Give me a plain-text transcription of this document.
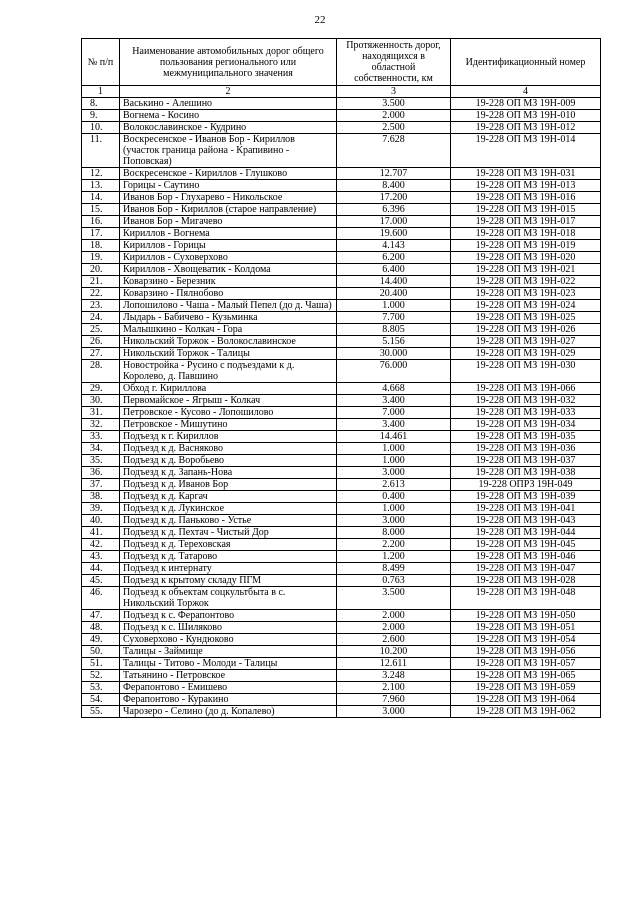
22
№ п/п	Наименование автомобильных дорог общего пользования регионального или межмуниципального значения	Протяженность дорог, находящихся в областной собственности, км	Идентификационный номер
1	2	3	4
8.	Васькино - Алешино	3.500	19-228 ОП МЗ 19Н-009
9.	Вогнема - Косино	2.000	19-228 ОП МЗ 19Н-010
10.	Волокославинское - Кудрино	2.500	19-228 ОП МЗ 19Н-012
11.	Воскресенское - Иванов Бор - Кириллов (участок граница района - Крапивино - Поповская)	7.628	19-228 ОП МЗ 19Н-014
12.	Воскресенское - Кириллов - Глушково	12.707	19-228 ОП МЗ 19Н-031
13.	Горицы - Саутино	8.400	19-228 ОП МЗ 19Н-013
14.	Иванов Бор - Глухарево - Никольское	17.200	19-228 ОП МЗ 19Н-016
15.	Иванов Бор - Кириллов (старое направление)	6.396	19-228 ОП МЗ 19Н-015
16.	Иванов Бор - Мигачево	17.000	19-228 ОП МЗ 19Н-017
17.	Кириллов - Вогнема	19.600	19-228 ОП МЗ 19Н-018
18.	Кириллов - Горицы	4.143	19-228 ОП МЗ 19Н-019
19.	Кириллов - Суховерхово	6.200	19-228 ОП МЗ 19Н-020
20.	Кириллов - Хвощеватик - Колдома	6.400	19-228 ОП МЗ 19Н-021
21.	Коварзино - Березник	14.400	19-228 ОП МЗ 19Н-022
22.	Коварзино - Пялнобово	20.400	19-228 ОП МЗ 19Н-023
23.	Лопошилово - Чаша - Малый Пепел (до д. Чаша)	1.000	19-228 ОП МЗ 19Н-024
24.	Лыдарь - Бабичево - Кузьминка	7.700	19-228 ОП МЗ 19Н-025
25.	Малышкино - Колкач - Гора	8.805	19-228 ОП МЗ 19Н-026
26.	Никольский Торжок - Волокославинское	5.156	19-228 ОП МЗ 19Н-027
27.	Никольский Торжок - Талицы	30.000	19-228 ОП МЗ 19Н-029
28.	Новостройка - Русино с подъездами к д. Королево, д. Павшино	76.000	19-228 ОП МЗ 19Н-030
29.	Обход г. Кириллова	4.668	19-228 ОП МЗ 19Н-066
30.	Первомайское - Ягрыш - Колкач	3.400	19-228 ОП МЗ 19Н-032
31.	Петровское - Кусово - Лопошилово	7.000	19-228 ОП МЗ 19Н-033
32.	Петровское - Мишутино	3.400	19-228 ОП МЗ 19Н-034
33.	Подъезд к г. Кириллов	14.461	19-228 ОП МЗ 19Н-035
34.	Подъезд к д. Васняково	1.000	19-228 ОП МЗ 19Н-036
35.	Подъезд к д. Воробьево	1.000	19-228 ОП МЗ 19Н-037
36.	Подъезд к д. Запань-Нова	3.000	19-228 ОП МЗ 19Н-038
37.	Подъезд к д. Иванов Бор	2.613	19-228 ОПРЗ 19Н-049
38.	Подъезд к д. Каргач	0.400	19-228 ОП МЗ 19Н-039
39.	Подъезд к д. Лукинское	1.000	19-228 ОП МЗ 19Н-041
40.	Подъезд к д. Паньково - Устье	3.000	19-228 ОП МЗ 19Н-043
41.	Подъезд к д. Пехтач - Чистый Дор	8.000	19-228 ОП МЗ 19Н-044
42.	Подъезд к д. Тереховская	2.200	19-228 ОП МЗ 19Н-045
43.	Подъезд к д. Татарово	1.200	19-228 ОП МЗ 19Н-046
44.	Подъезд к интернату	8.499	19-228 ОП МЗ 19Н-047
45.	Подъезд к крытому складу ПГМ	0.763	19-228 ОП МЗ 19Н-028
46.	Подъезд к объектам соцкультбыта в с. Никольский Торжок	3.500	19-228 ОП МЗ 19Н-048
47.	Подъезд к с. Ферапонтово	2.000	19-228 ОП МЗ 19Н-050
48.	Подъезд к с. Шиляково	2.000	19-228 ОП МЗ 19Н-051
49.	Суховерхово - Кундюково	2.600	19-228 ОП МЗ 19Н-054
50.	Талицы - Займище	10.200	19-228 ОП МЗ 19Н-056
51.	Талицы - Титово - Молоди - Талицы	12.611	19-228 ОП МЗ 19Н-057
52.	Татьянино - Петровское	3.248	19-228 ОП МЗ 19Н-065
53.	Ферапонтово - Емишево	2.100	19-228 ОП МЗ 19Н-059
54.	Ферапонтово - Куракино	7.960	19-228 ОП МЗ 19Н-064
55.	Чарозеро - Селино (до д. Копалево)	3.000	19-228 ОП МЗ 19Н-062
